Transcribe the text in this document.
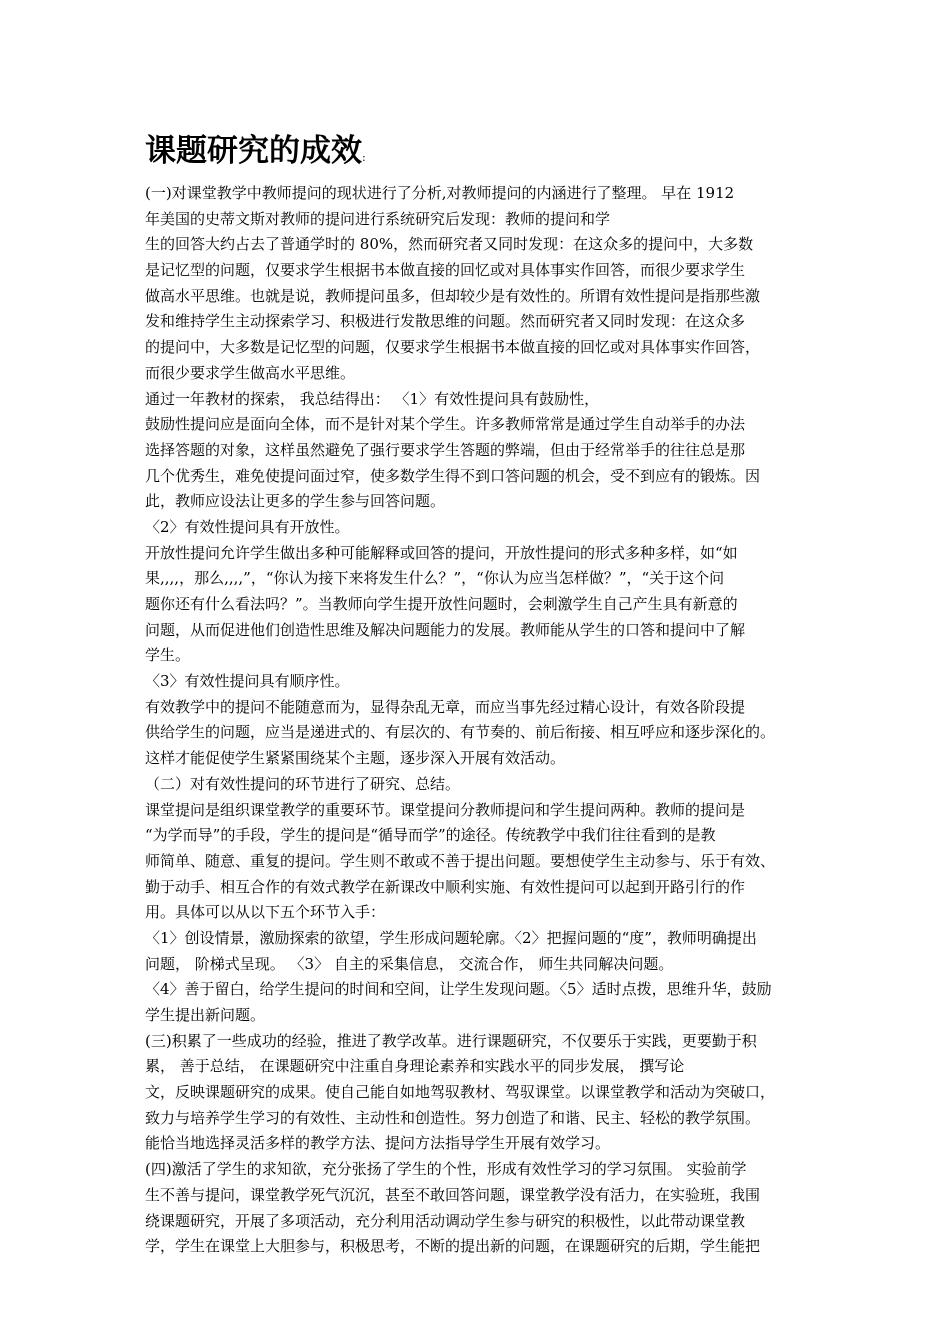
课题研究的成效:
(一)对课堂教学中教师提问的现状进行了分析,对教师提问的内涵进行了整理。 早在 1912
年美国的史蒂文斯对教师的提问进行系统研究后发现：教师的提问和学
生的回答大约占去了普通学时的 80%，然而研究者又同时发现：在这众多的提问中，大多数
是记忆型的问题，仅要求学生根据书本做直接的回忆或对具体事实作回答，而很少要求学生
做高水平思维。也就是说，教师提问虽多，但却较少是有效性的。所谓有效性提问是指那些激
发和维持学生主动探索学习、积极进行发散思维的问题。然而研究者又同时发现：在这众多
的提问中，大多数是记忆型的问题，仅要求学生根据书本做直接的回忆或对具体事实作回答，
而很少要求学生做高水平思维。
通过一年教材的探索， 我总结得出： 〈1〉有效性提问具有鼓励性，
鼓励性提问应是面向全体，而不是针对某个学生。许多教师常常是通过学生自动举手的办法
选择答题的对象，这样虽然避免了强行要求学生答题的弊端，但由于经常举手的往往总是那
几个优秀生，难免使提问面过窄，使多数学生得不到口答问题的机会，受不到应有的锻炼。因
此，教师应设法让更多的学生参与回答问题。
〈2〉有效性提问具有开放性。
开放性提问允许学生做出多种可能解释或回答的提问，开放性提问的形式多种多样，如“如
果,,,,，那么,,,,”，“你认为接下来将发生什么？”，“你认为应当怎样做？”，“关于这个问
题你还有什么看法吗？”。当教师向学生提开放性问题时，会刺激学生自己产生具有新意的
问题，从而促进他们创造性思维及解决问题能力的发展。教师能从学生的口答和提问中了解
学生。
〈3〉有效性提问具有顺序性。
有效教学中的提问不能随意而为，显得杂乱无章，而应当事先经过精心设计，有效各阶段提
供给学生的问题，应当是递进式的、有层次的、有节奏的、前后衔接、相互呼应和逐步深化的。
这样才能促使学生紧紧围绕某个主题，逐步深入开展有效活动。
（二）对有效性提问的环节进行了研究、总结。
课堂提问是组织课堂教学的重要环节。课堂提问分教师提问和学生提问两种。教师的提问是
“为学而导”的手段，学生的提问是“循导而学”的途径。传统教学中我们往往看到的是教
师简单、随意、重复的提问。学生则不敢或不善于提出问题。要想使学生主动参与、乐于有效、
勤于动手、相互合作的有效式教学在新课改中顺利实施、有效性提问可以起到开路引行的作
用。具体可以从以下五个环节入手：
〈1〉创设情景，激励探索的欲望，学生形成问题轮廓。〈2〉把握问题的“度”，教师明确提出
问题， 阶梯式呈现。 〈3〉 自主的采集信息， 交流合作， 师生共同解决问题。
〈4〉善于留白，给学生提问的时间和空间，让学生发现问题。〈5〉适时点拨，思维升华，鼓励
学生提出新问题。
(三)积累了一些成功的经验，推进了教学改革。进行课题研究，不仅要乐于实践，更要勤于积
累， 善于总结， 在课题研究中注重自身理论素养和实践水平的同步发展， 撰写论
文，反映课题研究的成果。使自己能自如地驾驭教材、驾驭课堂。以课堂教学和活动为突破口，
致力与培养学生学习的有效性、主动性和创造性。努力创造了和谐、民主、轻松的教学氛围。
能恰当地选择灵活多样的教学方法、提问方法指导学生开展有效学习。
(四)激活了学生的求知欲，充分张扬了学生的个性，形成有效性学习的学习氛围。 实验前学
生不善与提问，课堂教学死气沉沉，甚至不敢回答问题，课堂教学没有活力，在实验班，我围
绕课题研究，开展了多项活动，充分利用活动调动学生参与研究的积极性，以此带动课堂教
学，学生在课堂上大胆参与，积极思考，不断的提出新的问题，在课题研究的后期，学生能把
